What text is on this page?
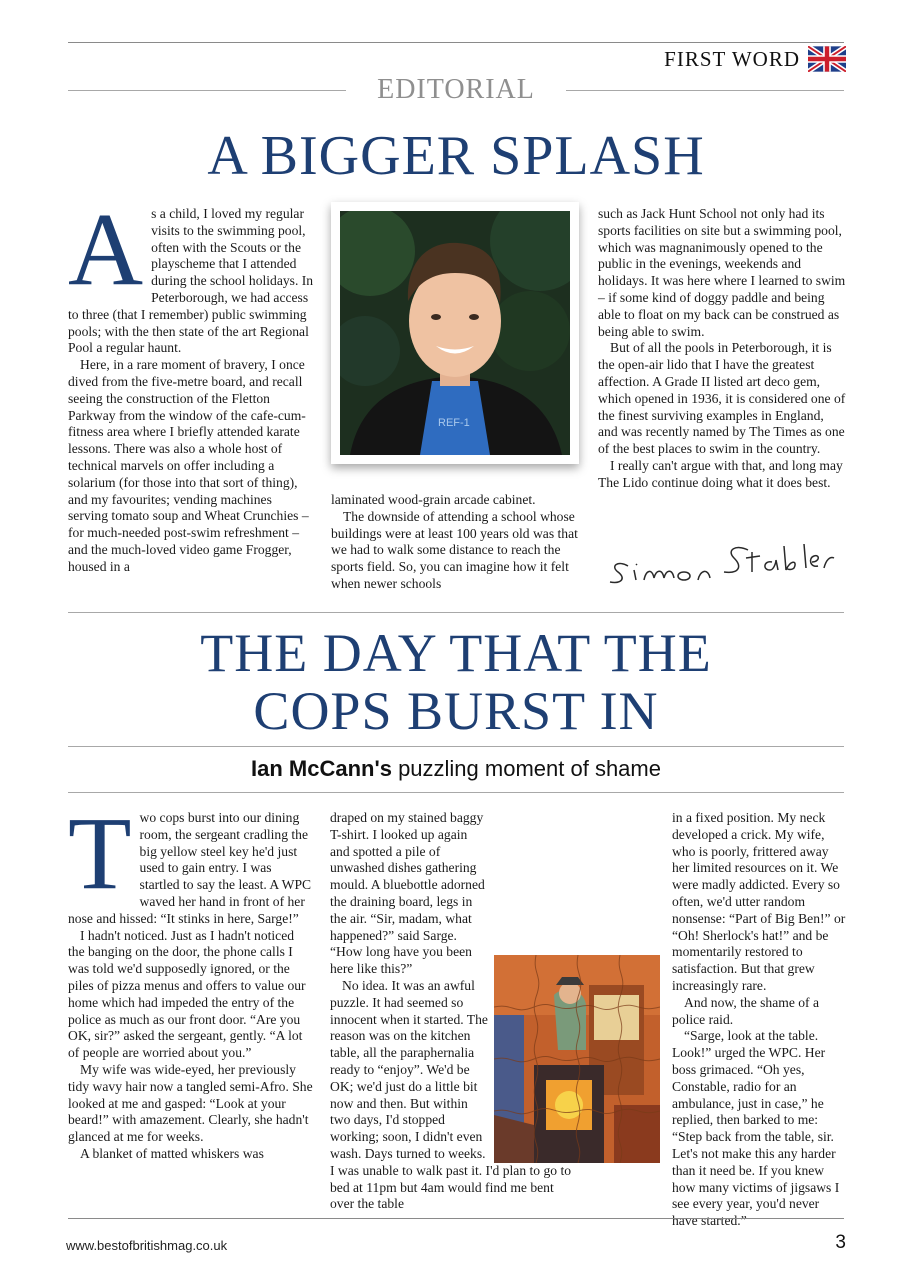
FIRST WORD
EDITORIAL
A BIGGER SPLASH
A s a child, I loved my regular visits to the swimming pool, often with the Scouts or the playscheme that I attended during the school holidays. In Peterborough, we had access to three (that I remember) public swimming pools; with the then state of the art Regional Pool a regular haunt.

Here, in a rare moment of bravery, I once dived from the five-metre board, and recall seeing the construction of the Fletton Parkway from the window of the cafe-cum-fitness area where I briefly attended karate lessons. There was also a whole host of technical marvels on offer including a solarium (for those into that sort of thing), and my favourites; vending machines serving tomato soup and Wheat Crunchies – for much-needed post-swim refreshment – and the much-loved video game Frogger, housed in a

REF-1

laminated wood-grain arcade cabinet.

The downside of attending a school whose buildings were at least 100 years old was that we had to walk some distance to reach the sports field. So, you can imagine how it felt when newer schools

such as Jack Hunt School not only had its sports facilities on site but a swimming pool, which was magnanimously opened to the public in the evenings, weekends and holidays. It was here where I learned to swim – if some kind of doggy paddle and being able to float on my back can be construed as being able to swim.

But of all the pools in Peterborough, it is the open-air lido that I have the greatest affection. A Grade II listed art deco gem, which opened in 1936, it is considered one of the finest surviving examples in England, and was recently named by The Times as one of the best places to swim in the country.

I really can't argue with that, and long may The Lido continue doing what it does best.

THE DAY THAT THE
COPS BURST IN
Ian McCann's puzzling moment of shame
T wo cops burst into our dining room, the sergeant cradling the big yellow steel key he'd just used to gain entry. I was startled to say the least. A WPC waved her hand in front of her nose and hissed: “It stinks in here, Sarge!”

I hadn't noticed. Just as I hadn't noticed the banging on the door, the phone calls I was told we'd supposedly ignored, or the piles of pizza menus and offers to value our home which had impeded the entry of the police as much as our front door. “Are you OK, sir?” asked the sergeant, gently. “A lot of people are worried about you.”

My wife was wide-eyed, her previously tidy wavy hair now a tangled semi-Afro. She looked at me and gasped: “Look at your beard!” with amazement. Clearly, she hadn't glanced at me for weeks.

A blanket of matted whiskers was

draped on my stained baggy T-shirt. I looked up again and spotted a pile of unwashed dishes gathering mould. A bluebottle adorned the draining board, legs in the air. “Sir, madam, what happened?” said Sarge. “How long have you been here like this?”

No idea. It was an awful puzzle. It had seemed so innocent when it started. The reason was on the kitchen table, all the paraphernalia ready to “enjoy”. We'd be OK; we'd just do a little bit now and then. But within two days, I'd stopped working; soon, I didn't even wash. Days turned to weeks. I was unable to walk past it. I'd plan to go to bed at 11pm but 4am would find me bent over the table

in a fixed position. My neck developed a crick. My wife, who is poorly, frittered away her limited resources on it. We were madly addicted. Every so often, we'd utter random nonsense: “Part of Big Ben!” or “Oh! Sherlock's hat!” and be momentarily restored to satisfaction. But that grew increasingly rare.

And now, the shame of a police raid.

“Sarge, look at the table. Look!” urged the WPC. Her boss grimaced. “Oh yes, Constable, radio for an ambulance, just in case,” he replied, then barked to me: “Step back from the table, sir. Let's not make this any harder than it need be. If you knew how many victims of jigsaws I see every year, you'd never have started.”

www.bestofbritishmag.co.uk	3
